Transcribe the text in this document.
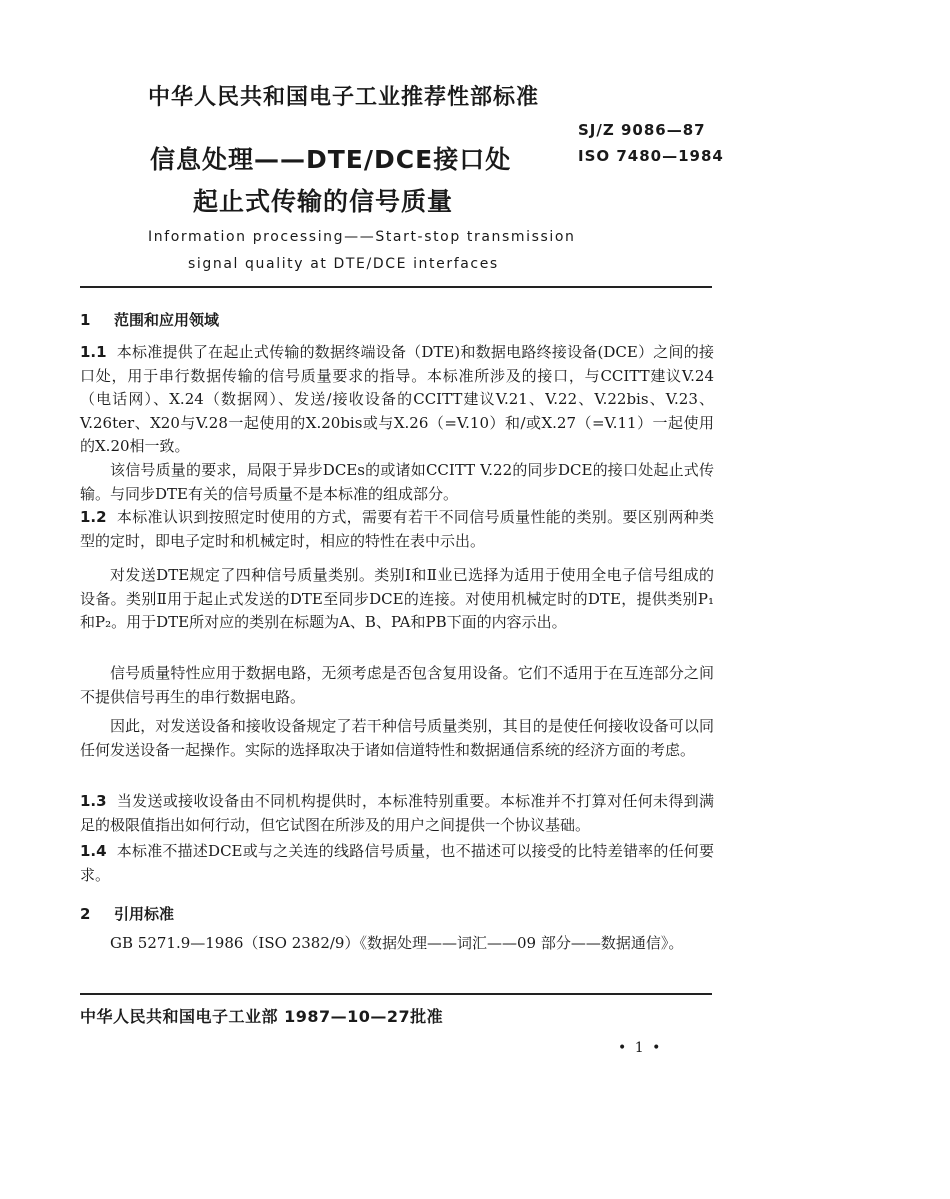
中华人民共和国电子工业推荐性部标准
信息处理——DTE/DCE接口处
起止式传输的信号质量
SJ/Z 9086—87
ISO 7480—1984
Information processing——Start-stop transmission
signal quality at DTE/DCE interfaces
1 范围和应用领域

1.1 本标准提供了在起止式传输的数据终端设备（DTE)和数据电路终接设备(DCE）之间的接口处，用于串行数据传输的信号质量要求的指导。本标准所涉及的接口，与CCITT建议V.24（电话网）、X.24（数据网）、发送/接收设备的CCITT建议V.21、V.22、V.22bis、V.23、V.26ter、X20与V.28一起使用的X.20bis或与X.26（=V.10）和/或X.27（=V.11）一起使用的X.20相一致。

该信号质量的要求，局限于异步DCEs的或诸如CCITT V.22的同步DCE的接口处起止式传输。与同步DTE有关的信号质量不是本标准的组成部分。

1.2 本标准认识到按照定时使用的方式，需要有若干不同信号质量性能的类别。要区别两种类型的定时，即电子定时和机械定时，相应的特性在表中示出。

对发送DTE规定了四种信号质量类别。类别Ⅰ和Ⅱ业已选择为适用于使用全电子信号组成的设备。类别Ⅱ用于起止式发送的DTE至同步DCE的连接。对使用机械定时的DTE，提供类别P₁和P₂。用于DTE所对应的类别在标题为A、B、PA和PB下面的内容示出。

信号质量特性应用于数据电路，无须考虑是否包含复用设备。它们不适用于在互连部分之间不提供信号再生的串行数据电路。

因此，对发送设备和接收设备规定了若干种信号质量类别，其目的是使任何接收设备可以同任何发送设备一起操作。实际的选择取决于诸如信道特性和数据通信系统的经济方面的考虑。

1.3 当发送或接收设备由不同机构提供时，本标准特别重要。本标准并不打算对任何未得到满足的极限值指出如何行动，但它试图在所涉及的用户之间提供一个协议基础。

1.4 本标准不描述DCE或与之关连的线路信号质量，也不描述可以接受的比特差错率的任何要求。

2 引用标准

GB 5271.9—1986（ISO 2382/9）《数据处理——词汇——09 部分——数据通信》。

中华人民共和国电子工业部 1987—10—27批准
• 1 •
